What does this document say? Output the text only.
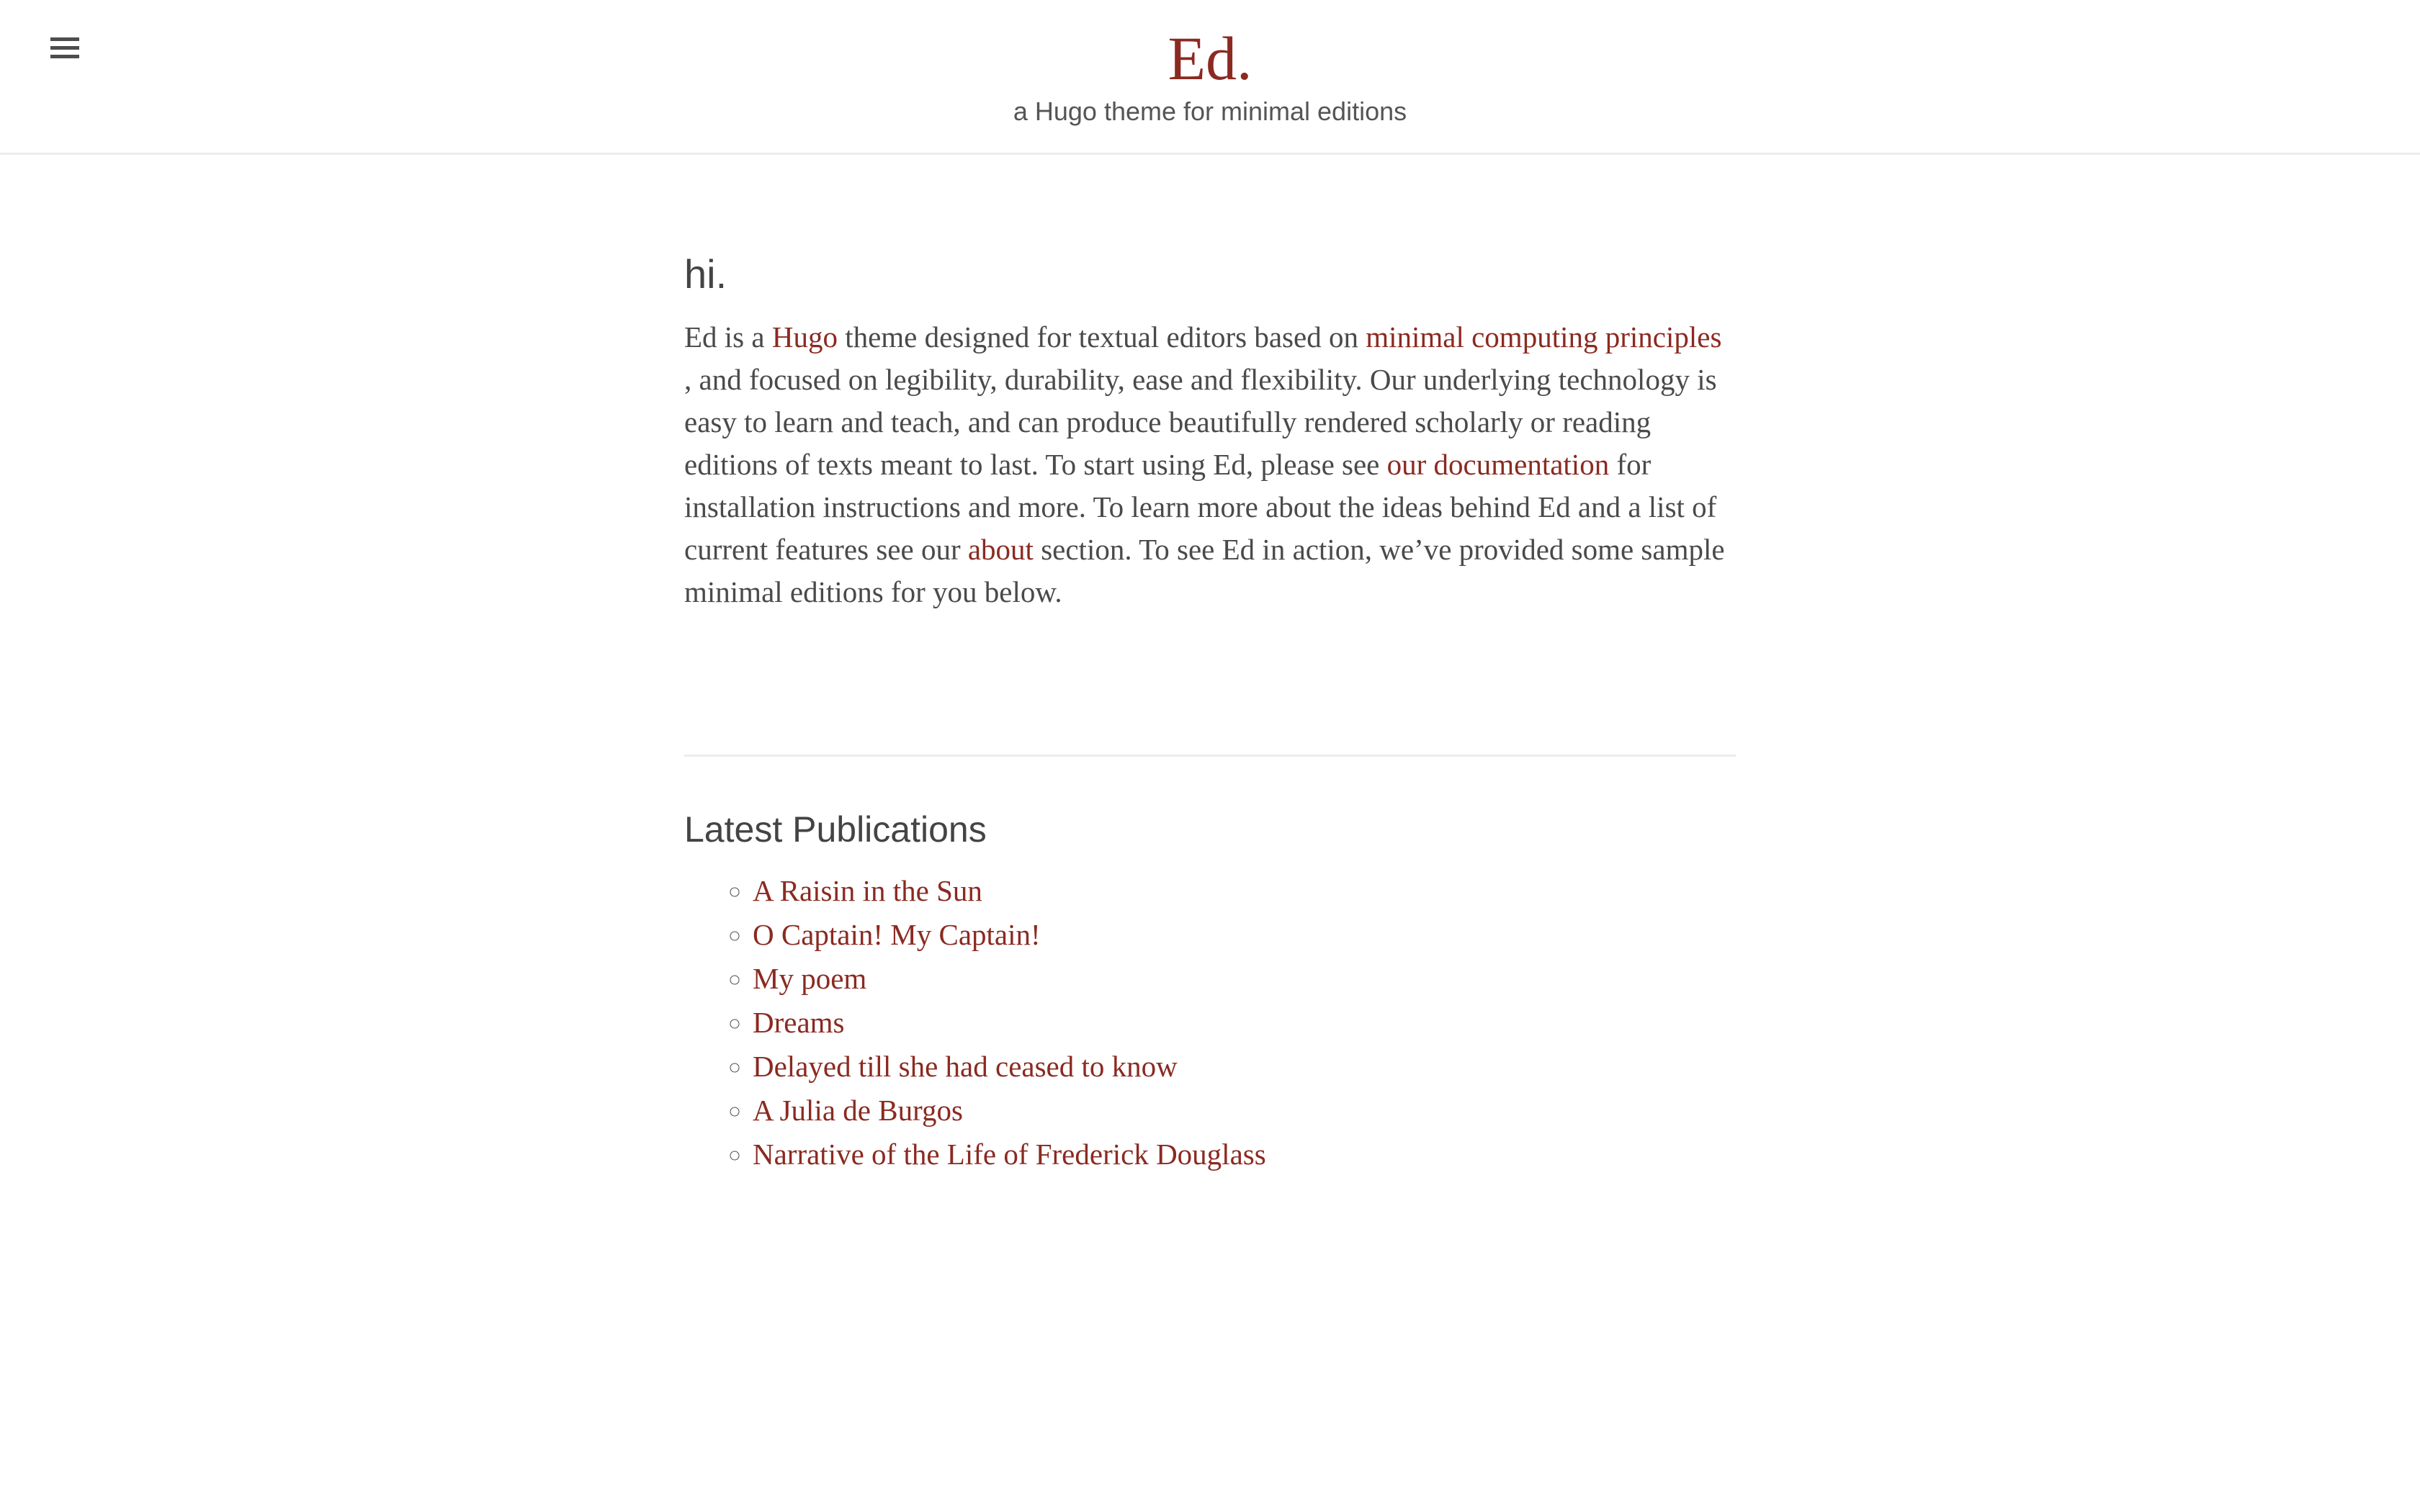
Ed.
a Hugo theme for minimal editions
hi.

Ed is a Hugo theme designed for textual editors based on minimal computing principles , and focused on legibility, durability, ease and flexibility. Our underlying technology is easy to learn and teach, and can produce beautifully rendered scholarly or reading editions of texts meant to last. To start using Ed, please see our documentation for installation instructions and more. To learn more about the ideas behind Ed and a list of current features see our about section. To see Ed in action, we’ve provided some sample minimal editions for you below.

Latest Publications
◦ A Raisin in the Sun
◦ O Captain! My Captain!
◦ My poem
◦ Dreams
◦ Delayed till she had ceased to know
◦ A Julia de Burgos
◦ Narrative of the Life of Frederick Douglass
